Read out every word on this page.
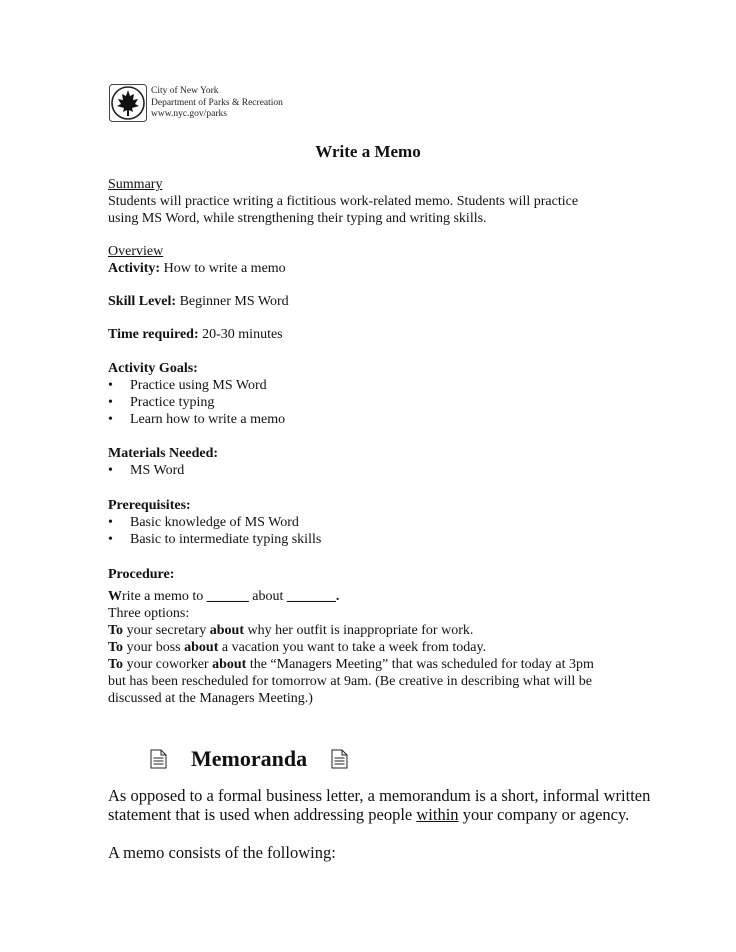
City of New York
Department of Parks & Recreation
www.nyc.gov/parks
Write a Memo
Summary
Students will practice writing a fictitious work-related memo. Students will practice
using MS Word, while strengthening their typing and writing skills.
Overview
Activity: How to write a memo
Skill Level: Beginner MS Word
Time required: 20-30 minutes
Activity Goals:
• Practice using MS Word
• Practice typing
• Learn how to write a memo
Materials Needed:
• MS Word
Prerequisites:
• Basic knowledge of MS Word
• Basic to intermediate typing skills
Procedure:
Write a memo to ______ about _______.
Three options:
To your secretary about why her outfit is inappropriate for work.
To your boss about a vacation you want to take a week from today.
To your coworker about the “Managers Meeting” that was scheduled for today at 3pm
but has been rescheduled for tomorrow at 9am. (Be creative in describing what will be
discussed at the Managers Meeting.)
Memoranda
As opposed to a formal business letter, a memorandum is a short, informal written
statement that is used when addressing people within your company or agency.
A memo consists of the following:
